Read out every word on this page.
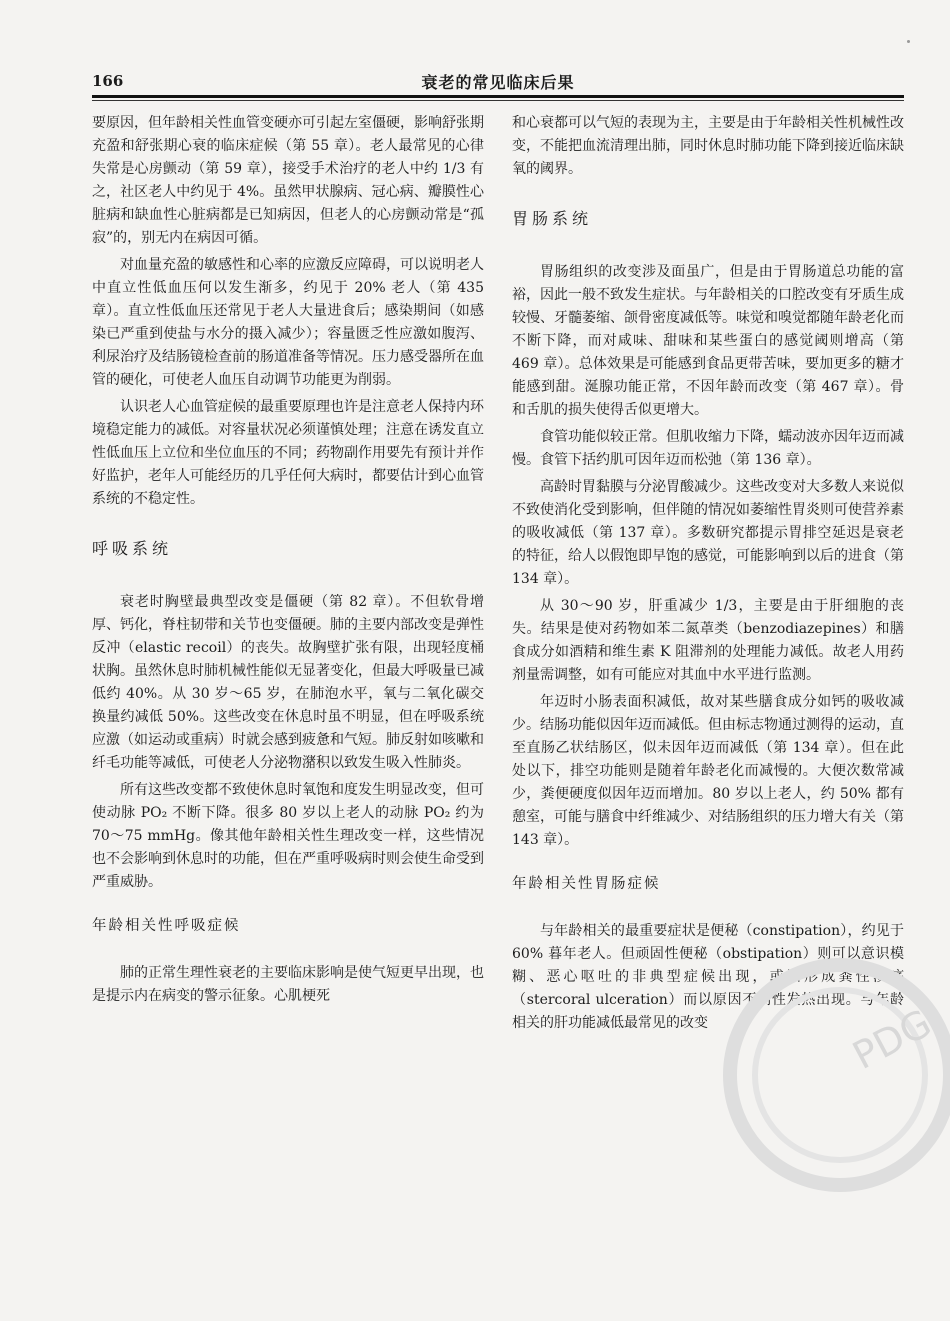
166	衰老的常见临床后果

要原因，但年龄相关性血管变硬亦可引起左室僵硬，影响舒张期充盈和舒张期心衰的临床症候（第 55 章）。老人最常见的心律失常是心房颤动（第 59 章），接受手术治疗的老人中约 1/3 有之，社区老人中约见于 4%。虽然甲状腺病、冠心病、瓣膜性心脏病和缺血性心脏病都是已知病因，但老人的心房颤动常是“孤寂”的，别无内在病因可循。

对血量充盈的敏感性和心率的应激反应障碍，可以说明老人中直立性低血压何以发生渐多，约见于 20% 老人（第 435 章）。直立性低血压还常见于老人大量进食后；感染期间（如感染已严重到使盐与水分的摄入减少）；容量匮乏性应激如腹泻、利尿治疗及结肠镜检查前的肠道准备等情况。压力感受器所在血管的硬化，可使老人血压自动调节功能更为削弱。

认识老人心血管症候的最重要原理也许是注意老人保持内环境稳定能力的减低。对容量状况必须谨慎处理；注意在诱发直立性低血压上立位和坐位血压的不同；药物副作用要先有预计并作好监护，老年人可能经历的几乎任何大病时，都要估计到心血管系统的不稳定性。

呼吸系统

衰老时胸壁最典型改变是僵硬（第 82 章）。不但软骨增厚、钙化，脊柱韧带和关节也变僵硬。肺的主要内部改变是弹性反冲（elastic recoil）的丧失。故胸壁扩张有限，出现轻度桶状胸。虽然休息时肺机械性能似无显著变化，但最大呼吸量已减低约 40%。从 30 岁～65 岁，在肺泡水平，氧与二氧化碳交换量约减低 50%。这些改变在休息时虽不明显，但在呼吸系统应激（如运动或重病）时就会感到疲惫和气短。肺反射如咳嗽和纤毛功能等减低，可使老人分泌物潴积以致发生吸入性肺炎。

所有这些改变都不致使休息时氧饱和度发生明显改变，但可使动脉 PO₂ 不断下降。很多 80 岁以上老人的动脉 PO₂ 约为 70～75 mmHg。像其他年龄相关性生理改变一样，这些情况也不会影响到休息时的功能，但在严重呼吸病时则会使生命受到严重威胁。

年龄相关性呼吸症候

肺的正常生理性衰老的主要临床影响是使气短更早出现，也是提示内在病变的警示征象。心肌梗死

和心衰都可以气短的表现为主，主要是由于年龄相关性机械性改变，不能把血流清理出肺，同时休息时肺功能下降到接近临床缺氧的阈界。

胃肠系统

胃肠组织的改变涉及面虽广，但是由于胃肠道总功能的富裕，因此一般不致发生症状。与年龄相关的口腔改变有牙质生成较慢、牙髓萎缩、颌骨密度减低等。味觉和嗅觉都随年龄老化而不断下降，而对咸味、甜味和某些蛋白的感觉阈则增高（第 469 章）。总体效果是可能感到食品更带苦味，要加更多的糖才能感到甜。涎腺功能正常，不因年龄而改变（第 467 章）。骨和舌肌的损失使得舌似更增大。

食管功能似较正常。但肌收缩力下降，蠕动波亦因年迈而减慢。食管下括约肌可因年迈而松弛（第 136 章）。

高龄时胃黏膜与分泌胃酸减少。这些改变对大多数人来说似不致使消化受到影响，但伴随的情况如萎缩性胃炎则可使营养素的吸收减低（第 137 章）。多数研究都提示胃排空延迟是衰老的特征，给人以假饱即早饱的感觉，可能影响到以后的进食（第 134 章）。

从 30～90 岁，肝重减少 1/3，主要是由于肝细胞的丧失。结果是使对药物如苯二氮䓬类（benzodiazepines）和膳食成分如酒精和维生素 K 阻滞剂的处理能力减低。故老人用药剂量需调整，如有可能应对其血中水平进行监测。

年迈时小肠表面积减低，故对某些膳食成分如钙的吸收减少。结肠功能似因年迈而减低。但由标志物通过测得的运动，直至直肠乙状结肠区，似未因年迈而减低（第 134 章）。但在此处以下，排空功能则是随着年龄老化而减慢的。大便次数常减少，粪便硬度似因年迈而增加。80 岁以上老人，约 50% 都有憩室，可能与膳食中纤维减少、对结肠组织的压力增大有关（第 143 章）。

年龄相关性胃肠症候

与年龄相关的最重要症状是便秘（constipation），约见于 60% 暮年老人。但顽固性便秘（obstipation）则可以意识模糊、恶心呕吐的非典型症候出现，或因形成粪性溃疡（stercoral ulceration）而以原因不明性发热出现。与年龄相关的肝功能减低最常见的改变	PDG
